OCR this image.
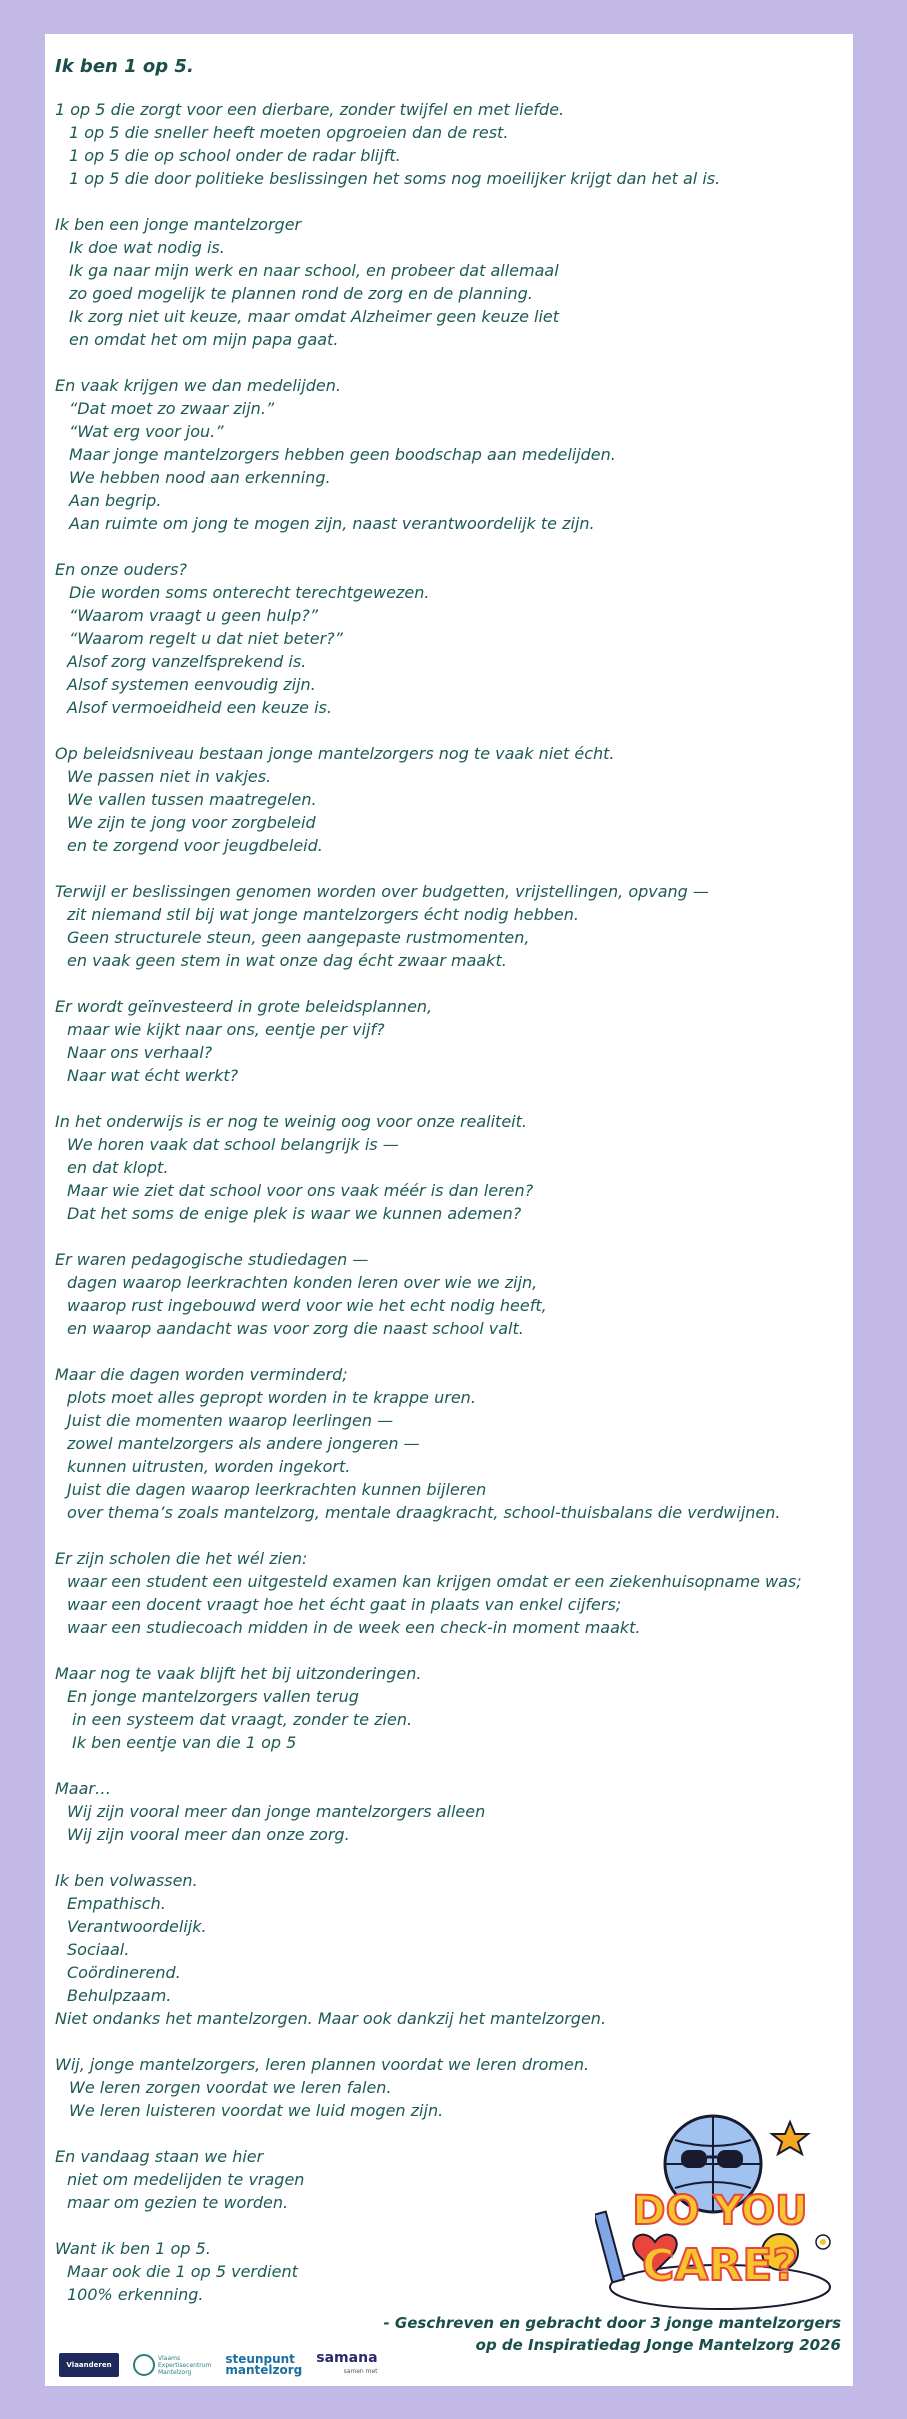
Ik ben 1 op 5.
1 op 5 die zorgt voor een dierbare, zonder twijfel en met liefde.
1 op 5 die sneller heeft moeten opgroeien dan de rest.
1 op 5 die op school onder de radar blijft.
1 op 5 die door politieke beslissingen het soms nog moeilijker krijgt dan het al is.
Ik ben een jonge mantelzorger
Ik doe wat nodig is.
Ik ga naar mijn werk en naar school, en probeer dat allemaal
zo goed mogelijk te plannen rond de zorg en de planning.
Ik zorg niet uit keuze, maar omdat Alzheimer geen keuze liet
en omdat het om mijn papa gaat.
En vaak krijgen we dan medelijden.
“Dat moet zo zwaar zijn.”
“Wat erg voor jou.”
Maar jonge mantelzorgers hebben geen boodschap aan medelijden.
We hebben nood aan erkenning.
Aan begrip.
Aan ruimte om jong te mogen zijn, naast verantwoordelijk te zijn.
En onze ouders?
Die worden soms onterecht terechtgewezen.
“Waarom vraagt u geen hulp?”
“Waarom regelt u dat niet beter?”
Alsof zorg vanzelfsprekend is.
Alsof systemen eenvoudig zijn.
Alsof vermoeidheid een keuze is.
Op beleidsniveau bestaan jonge mantelzorgers nog te vaak niet écht.
We passen niet in vakjes.
We vallen tussen maatregelen.
We zijn te jong voor zorgbeleid
en te zorgend voor jeugdbeleid.
Terwijl er beslissingen genomen worden over budgetten, vrijstellingen, opvang —
zit niemand stil bij wat jonge mantelzorgers écht nodig hebben.
Geen structurele steun, geen aangepaste rustmomenten,
en vaak geen stem in wat onze dag écht zwaar maakt.
Er wordt geïnvesteerd in grote beleidsplannen,
maar wie kijkt naar ons, eentje per vijf?
Naar ons verhaal?
Naar wat écht werkt?
In het onderwijs is er nog te weinig oog voor onze realiteit.
We horen vaak dat school belangrijk is —
en dat klopt.
Maar wie ziet dat school voor ons vaak méér is dan leren?
Dat het soms de enige plek is waar we kunnen ademen?
Er waren pedagogische studiedagen —
dagen waarop leerkrachten konden leren over wie we zijn,
waarop rust ingebouwd werd voor wie het echt nodig heeft,
en waarop aandacht was voor zorg die naast school valt.
Maar die dagen worden verminderd;
plots moet alles gepropt worden in te krappe uren.
Juist die momenten waarop leerlingen —
zowel mantelzorgers als andere jongeren —
kunnen uitrusten, worden ingekort.
Juist die dagen waarop leerkrachten kunnen bijleren
over thema’s zoals mantelzorg, mentale draagkracht, school-thuisbalans die verdwijnen.
Er zijn scholen die het wél zien:
waar een student een uitgesteld examen kan krijgen omdat er een ziekenhuisopname was;
waar een docent vraagt hoe het écht gaat in plaats van enkel cijfers;
waar een studiecoach midden in de week een check-in moment maakt.
Maar nog te vaak blijft het bij uitzonderingen.
En jonge mantelzorgers vallen terug
in een systeem dat vraagt, zonder te zien.
Ik ben eentje van die 1 op 5
Maar…
Wij zijn vooral meer dan jonge mantelzorgers alleen
Wij zijn vooral meer dan onze zorg.
Ik ben volwassen.
Empathisch.
Verantwoordelijk.
Sociaal.
Coördinerend.
Behulpzaam.
Niet ondanks het mantelzorgen. Maar ook dankzij het mantelzorgen.
Wij, jonge mantelzorgers, leren plannen voordat we leren dromen.
We leren zorgen voordat we leren falen.
We leren luisteren voordat we luid mogen zijn.
En vandaag staan we hier
niet om medelijden te vragen
maar om gezien te worden.
Want ik ben 1 op 5.
Maar ook die 1 op 5 verdient
100% erkenning.
DO YOU
CARE?
- Geschreven en gebracht door 3 jonge mantelzorgers
op de Inspiratiedag Jonge Mantelzorg 2026
Vlaanderen
Vlaams
Expertisecentrum
Mantelzorg
steunpunt
mantelzorg
samana
samen met
